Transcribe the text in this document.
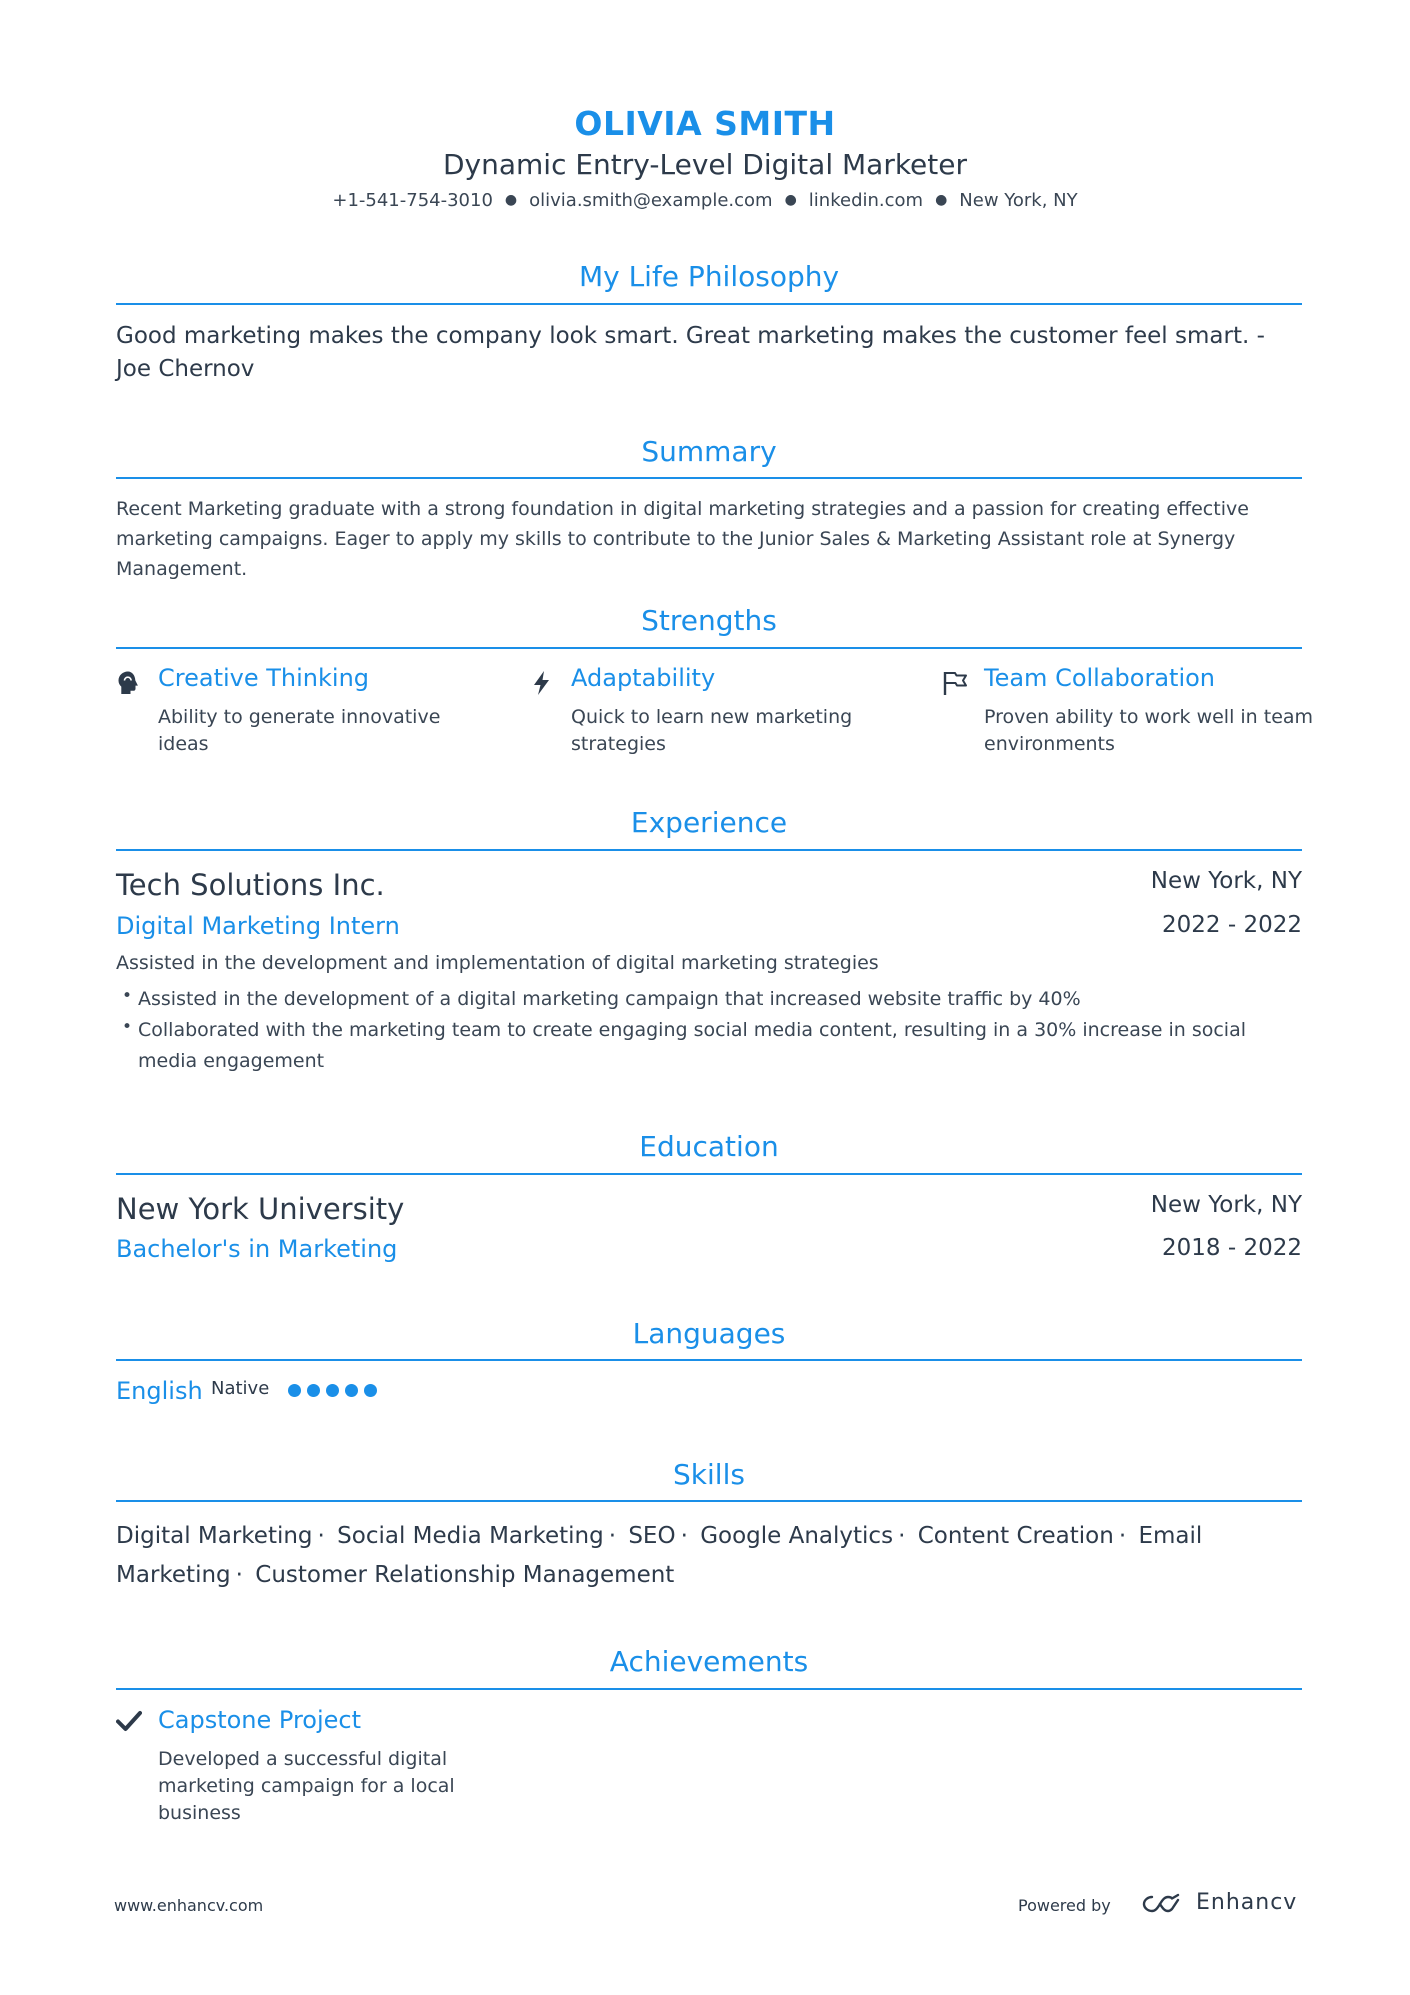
OLIVIA SMITH
Dynamic Entry-Level Digital Marketer
+1-541-754-3010 ● olivia.smith@example.com ● linkedin.com ● New York, NY
My Life Philosophy
Good marketing makes the company look smart. Great marketing makes the customer feel smart. - Joe Chernov
Summary
Recent Marketing graduate with a strong foundation in digital marketing strategies and a passion for creating effective marketing campaigns. Eager to apply my skills to contribute to the Junior Sales & Marketing Assistant role at Synergy Management.
Strengths
Creative Thinking
Ability to generate innovative ideas
Adaptability
Quick to learn new marketing strategies
Team Collaboration
Proven ability to work well in team environments
Experience
Tech Solutions Inc.	New York, NY
Digital Marketing Intern	2022 - 2022
Assisted in the development and implementation of digital marketing strategies
• Assisted in the development of a digital marketing campaign that increased website traffic by 40%
• Collaborated with the marketing team to create engaging social media content, resulting in a 30% increase in social media engagement
Education
New York University	New York, NY
Bachelor's in Marketing	2018 - 2022
Languages
English Native
Skills
Digital Marketing · Social Media Marketing · SEO · Google Analytics · Content Creation · Email Marketing · Customer Relationship Management
Achievements
Capstone Project
Developed a successful digital marketing campaign for a local business
www.enhancv.com	Powered by	Enhancv
